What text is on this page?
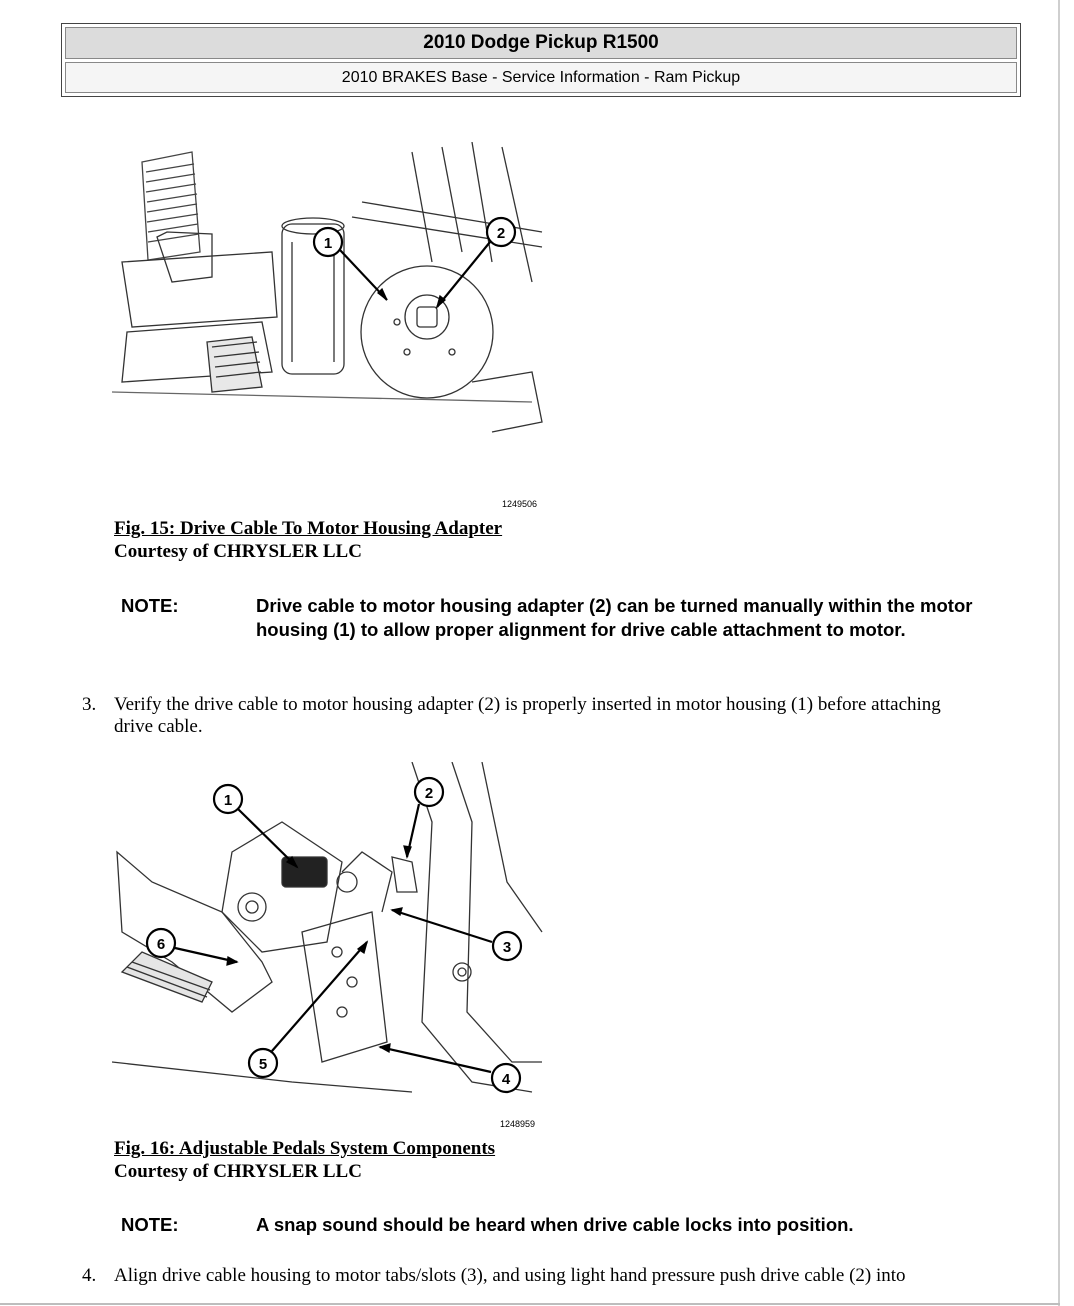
2010 Dodge Pickup R1500
2010 BRAKES Base - Service Information - Ram Pickup
1
2
1249506
Fig. 15: Drive Cable To Motor Housing Adapter
Courtesy of CHRYSLER LLC
NOTE:	Drive cable to motor housing adapter (2) can be turned manually within the motor housing (1) to allow proper alignment for drive cable attachment to motor.
3. Verify the drive cable to motor housing adapter (2) is properly inserted in motor housing (1) before attaching drive cable.
1	2
3
4
5
6
1248959
Fig. 16: Adjustable Pedals System Components
Courtesy of CHRYSLER LLC
NOTE:	A snap sound should be heard when drive cable locks into position.
4. Align drive cable housing to motor tabs/slots (3), and using light hand pressure push drive cable (2) into
